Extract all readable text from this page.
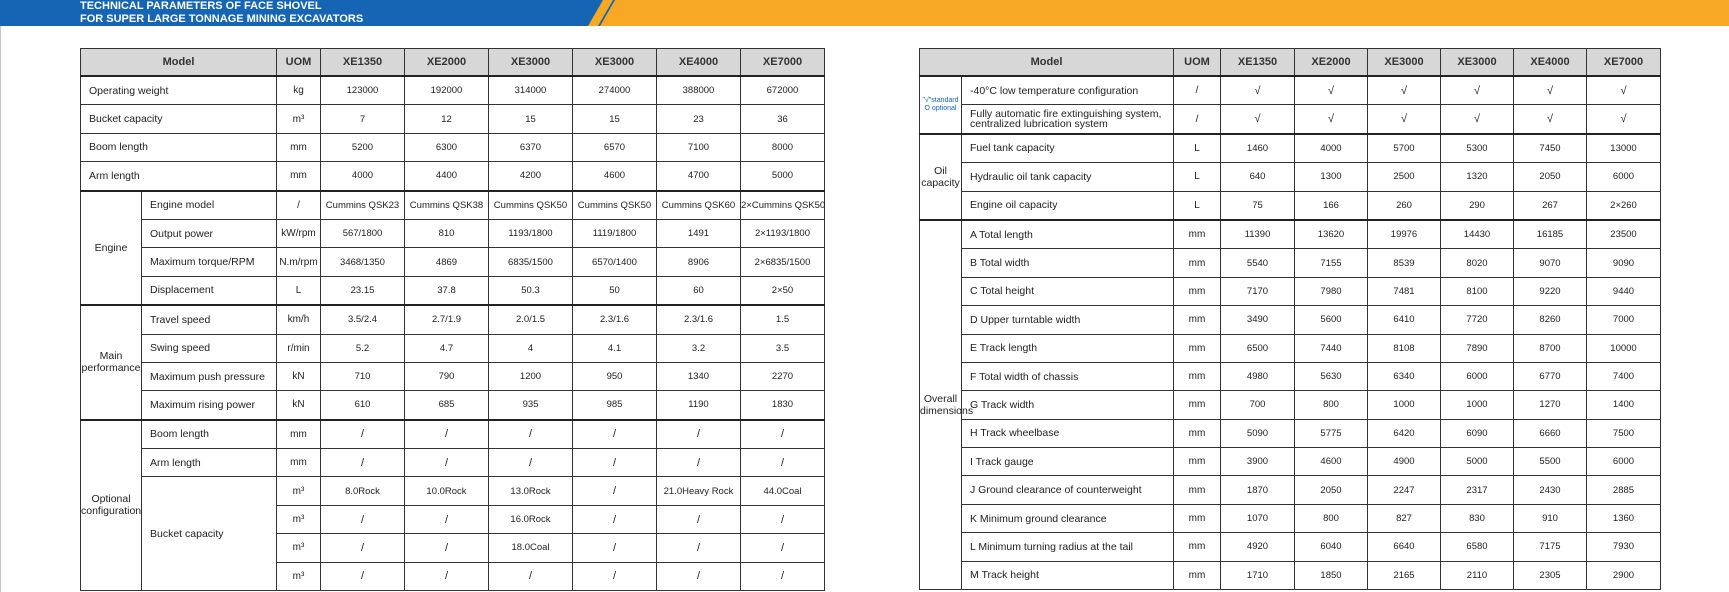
TECHNICAL PARAMETERS OF FACE SHOVEL
FOR SUPER LARGE TONNAGE MINING EXCAVATORS
Model		UOM	XE1350	XE2000	XE3000	XE3000	XE4000	XE7000
Operating weight		kg	123000	192000	314000	274000	388000	672000
Bucket capacity		m³	7	12	15	15	23	36
Boom length		mm	5200	6300	6370	6570	7100	8000
Arm length		mm	4000	4400	4200	4600	4700	5000
Engine	Engine model	/	Cummins QSK23	Cummins QSK38	Cummins QSK50	Cummins QSK50	Cummins QSK60	2×Cummins QSK50
	Output power	kW/rpm	567/1800	810	1193/1800	1119/1800	1491	2×1193/1800
	Maximum torque/RPM	N.m/rpm	3468/1350	4869	6835/1500	6570/1400	8906	2×6835/1500
	Displacement	L	23.15	37.8	50.3	50	60	2×50
Main performance	Travel speed	km/h	3.5/2.4	2.7/1.9	2.0/1.5	2.3/1.6	2.3/1.6	1.5
	Swing speed	r/min	5.2	4.7	4	4.1	3.2	3.5
	Maximum push pressure	kN	710	790	1200	950	1340	2270
	Maximum rising power	kN	610	685	935	985	1190	1830
Optional configuration	Boom length	mm	/	/	/	/	/	/
	Arm length	mm	/	/	/	/	/	/
	Bucket capacity	m³	8.0Rock	10.0Rock	13.0Rock	/	21.0Heavy Rock	44.0Coal
		m³	/	/	16.0Rock	/	/	/
		m³	/	/	18.0Coal	/	/	/
		m³	/	/	/	/	/	/
Model		UOM	XE1350	XE2000	XE3000	XE3000	XE4000	XE7000
"√"standard O optional	-40°C low temperature configuration	/	√	√	√	√	√	√
	Fully automatic fire extinguishing system, centralized lubrication system	/	√	√	√	√	√	√
Oil capacity	Fuel tank capacity	L	1460	4000	5700	5300	7450	13000
	Hydraulic oil tank capacity	L	640	1300	2500	1320	2050	6000
	Engine oil capacity	L	75	166	260	290	267	2×260
Overall dimensions	A Total length	mm	11390	13620	19976	14430	16185	23500
	B Total width	mm	5540	7155	8539	8020	9070	9090
	C Total height	mm	7170	7980	7481	8100	9220	9440
	D Upper turntable width	mm	3490	5600	6410	7720	8260	7000
	E Track length	mm	6500	7440	8108	7890	8700	10000
	F Total width of chassis	mm	4980	5630	6340	6000	6770	7400
	G Track width	mm	700	800	1000	1000	1270	1400
	H Track wheelbase	mm	5090	5775	6420	6090	6660	7500
	I Track gauge	mm	3900	4600	4900	5000	5500	6000
	J Ground clearance of counterweight	mm	1870	2050	2247	2317	2430	2885
	K Minimum ground clearance	mm	1070	800	827	830	910	1360
	L Minimum turning radius at the tail	mm	4920	6040	6640	6580	7175	7930
	M Track height	mm	1710	1850	2165	2110	2305	2900
